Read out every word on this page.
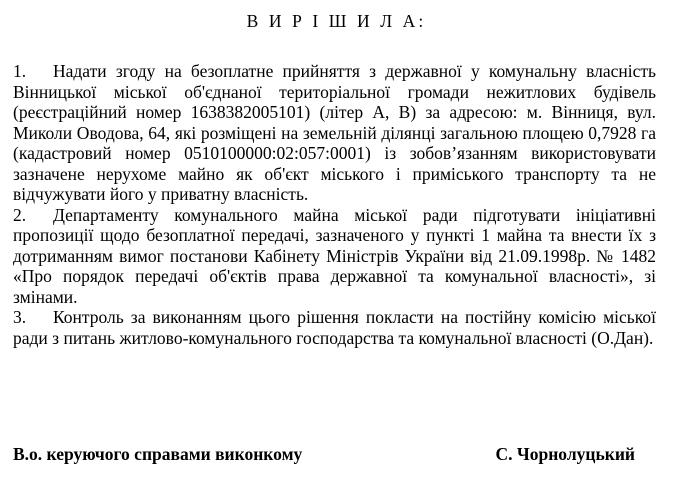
В И Р І Ш И Л А:

1. Надати згоду на безоплатне прийняття з державної у комунальну власність Вінницької міської об'єднаної територіальної громади нежитлових будівель (реєстраційний номер 1638382005101) (літер А, В) за адресою: м. Вінниця, вул. Миколи Оводова, 64, які розміщені на земельній ділянці загальною площею 0,7928 га (кадастровий номер 0510100000:02:057:0001) із зобов’язанням використовувати зазначене нерухоме майно як об'єкт міського і приміського транспорту та не відчужувати його у приватну власність.

2. Департаменту комунального майна міської ради підготувати ініціативні пропозиції щодо безоплатної передачі, зазначеного у пункті 1 майна та внести їх з дотриманням вимог постанови Кабінету Міністрів України від 21.09.1998р. № 1482 «Про порядок передачі об'єктів права державної та комунальної власності», зі змінами.

3. Контроль за виконанням цього рішення покласти на постійну комісію міської ради з питань житлово-комунального господарства та комунальної власності (О.Дан).

В.о. керуючого справами виконкому	С. Чорнолуцький
